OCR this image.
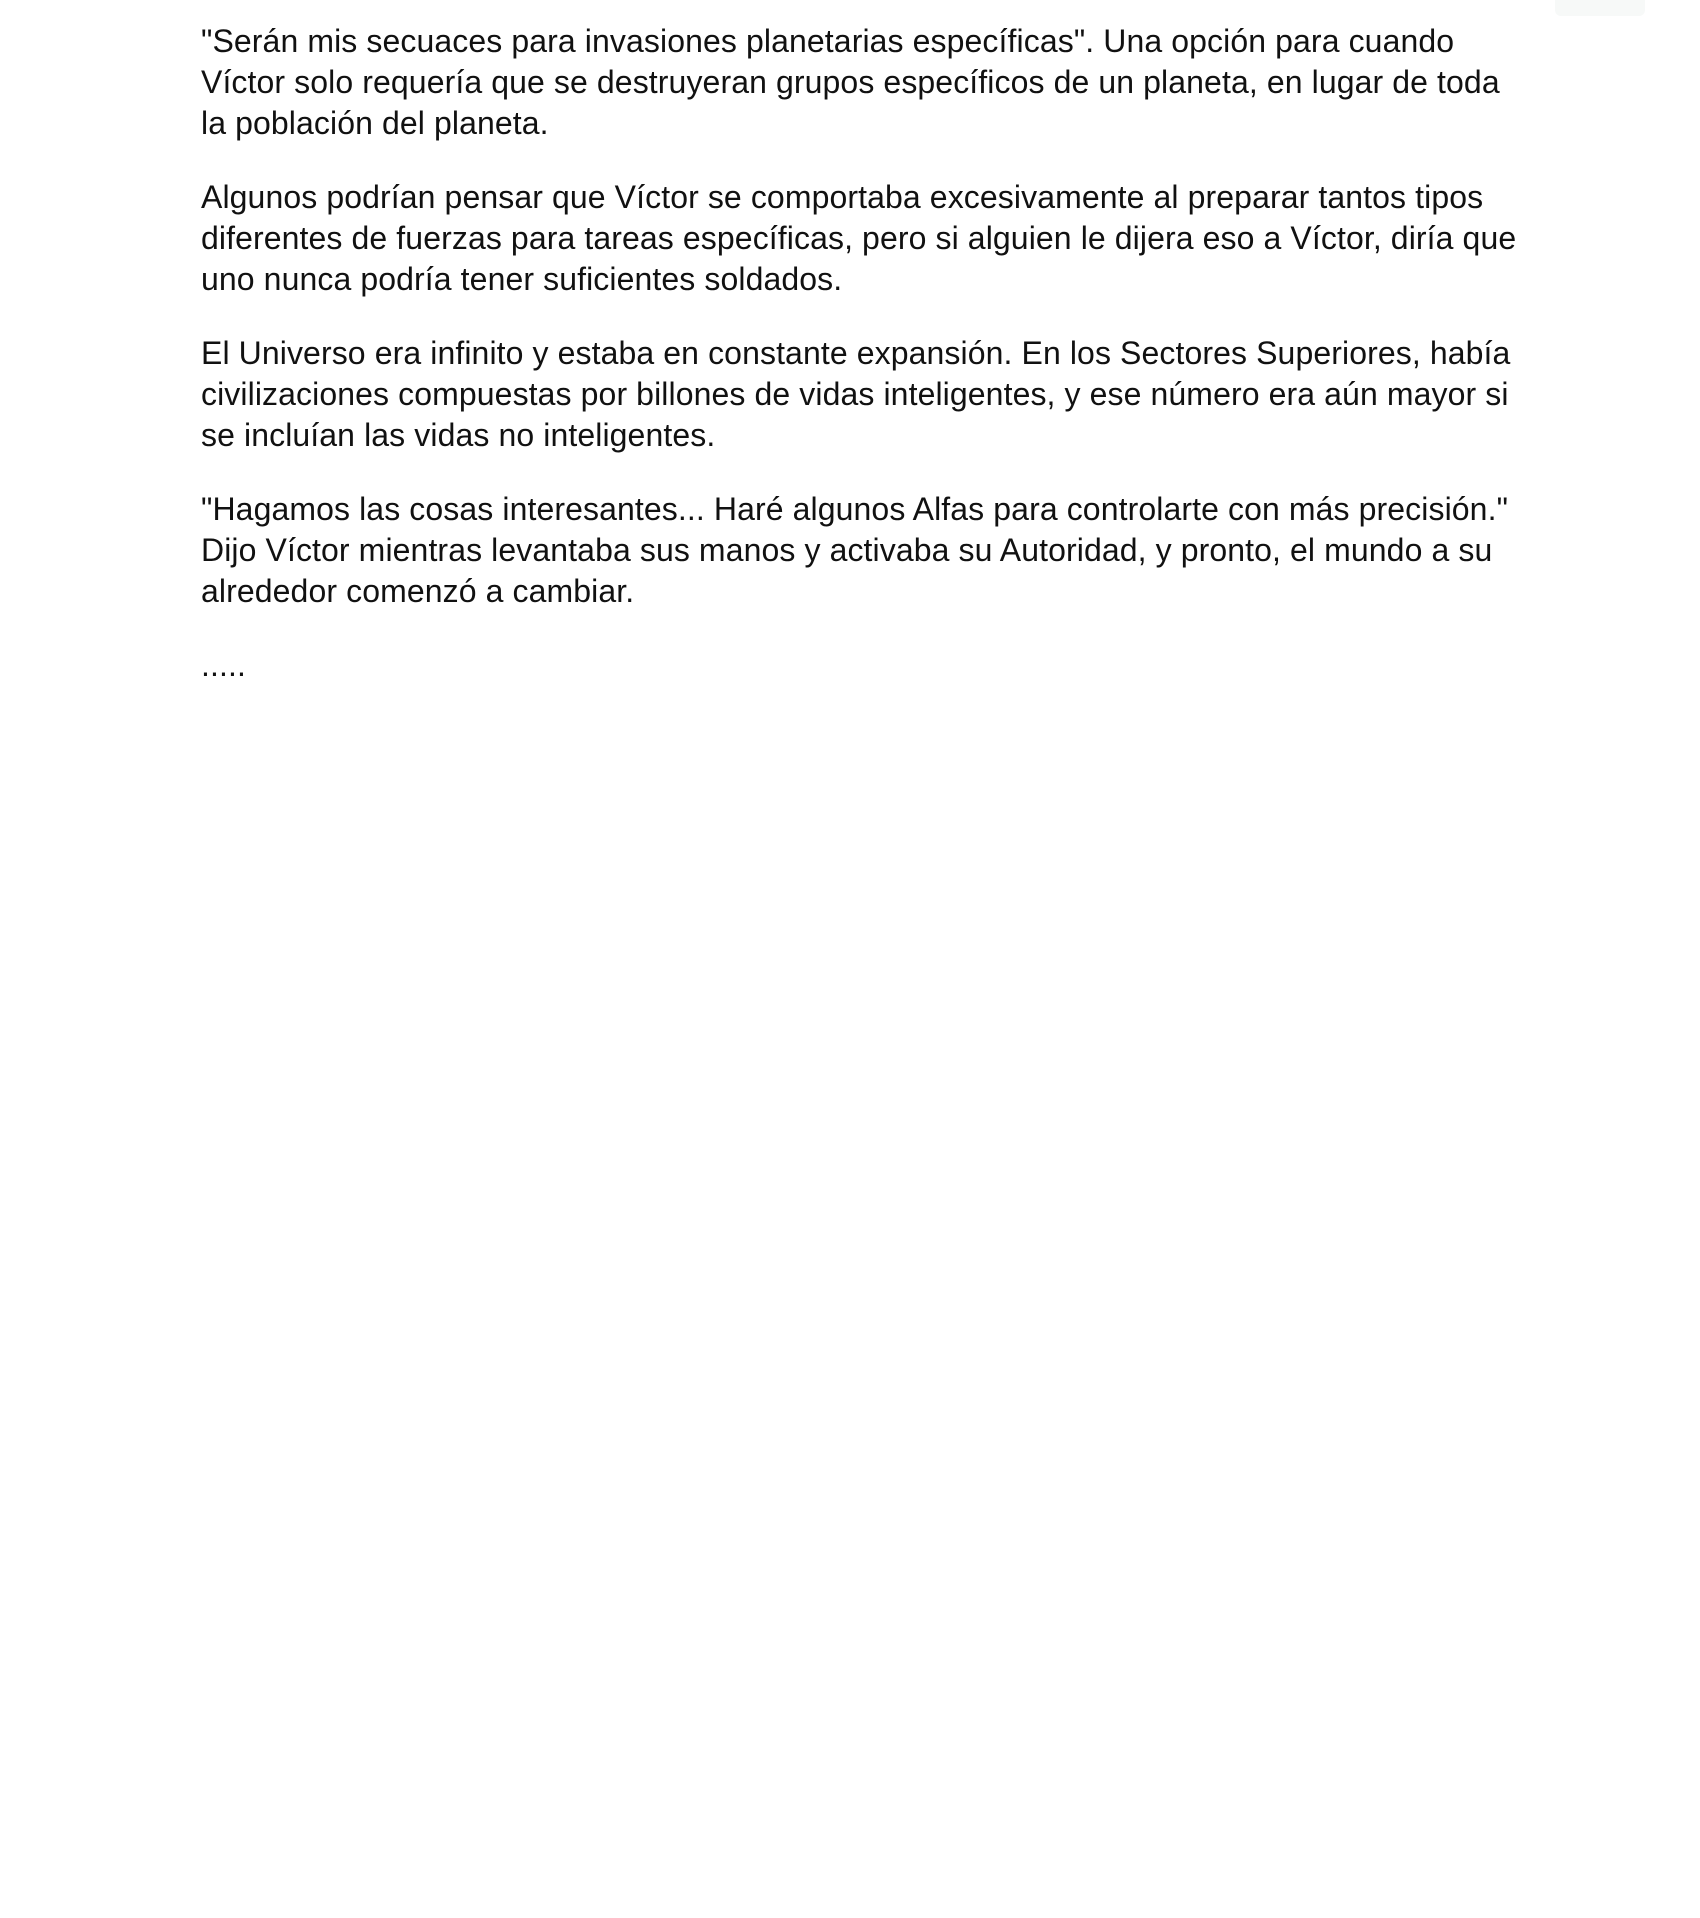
"Serán mis secuaces para invasiones planetarias específicas". Una opción para cuando Víctor solo requería que se destruyeran grupos específicos de un planeta, en lugar de toda la población del planeta.

Algunos podrían pensar que Víctor se comportaba excesivamente al preparar tantos tipos diferentes de fuerzas para tareas específicas, pero si alguien le dijera eso a Víctor, diría que uno nunca podría tener suficientes soldados.

El Universo era infinito y estaba en constante expansión. En los Sectores Superiores, había civilizaciones compuestas por billones de vidas inteligentes, y ese número era aún mayor si se incluían las vidas no inteligentes.

"Hagamos las cosas interesantes... Haré algunos Alfas para controlarte con más precisión." Dijo Víctor mientras levantaba sus manos y activaba su Autoridad, y pronto, el mundo a su alrededor comenzó a cambiar.

.....
